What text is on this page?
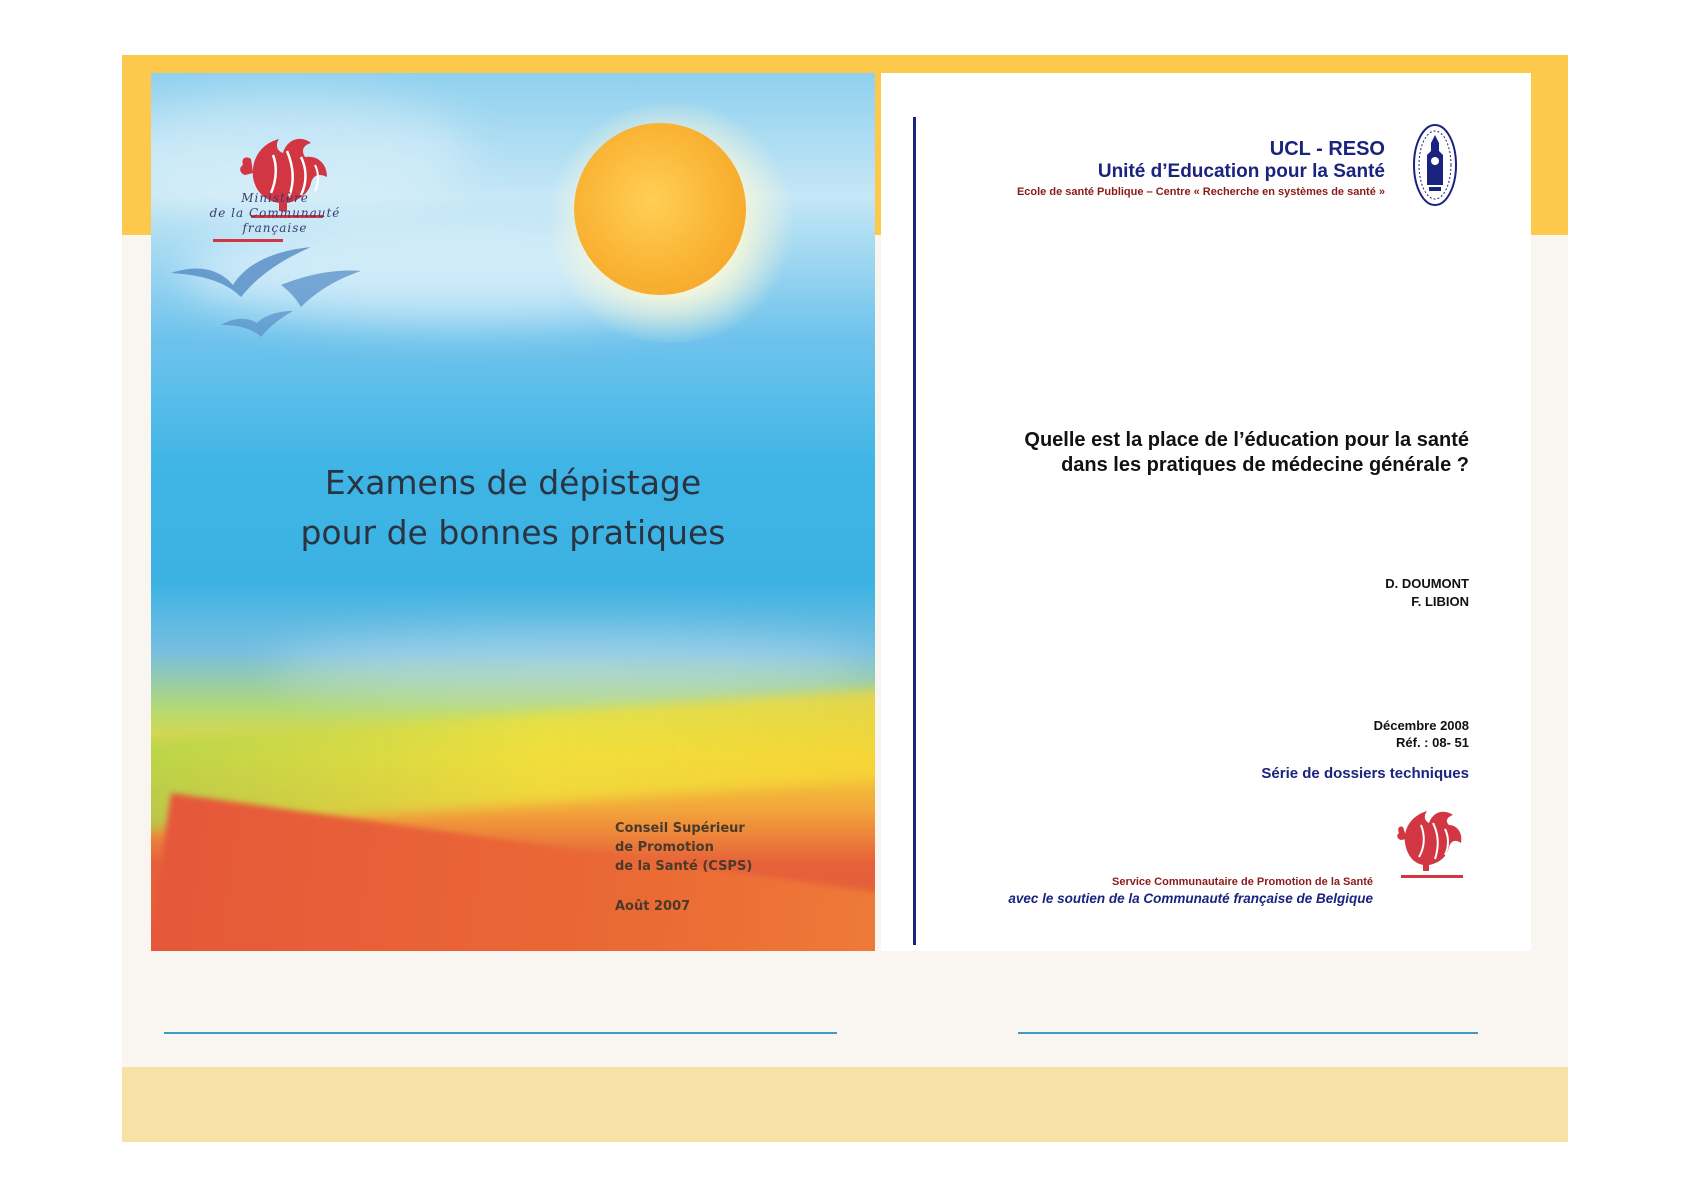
Ministère
de la Communauté
française
Examens de dépistage
pour de bonnes pratiques
Conseil Supérieur
de Promotion
de la Santé (CSPS)
Août 2007
UCL - RESO
Unité d’Education pour la Santé
Ecole de santé Publique – Centre « Recherche en systèmes de santé »
Quelle est la place de l’éducation pour la santé
dans les pratiques de médecine générale ?
D. DOUMONT
F. LIBION
Décembre 2008
Réf. : 08- 51
Série de dossiers techniques
Service Communautaire de Promotion de la Santé
avec le soutien de la Communauté française de Belgique
